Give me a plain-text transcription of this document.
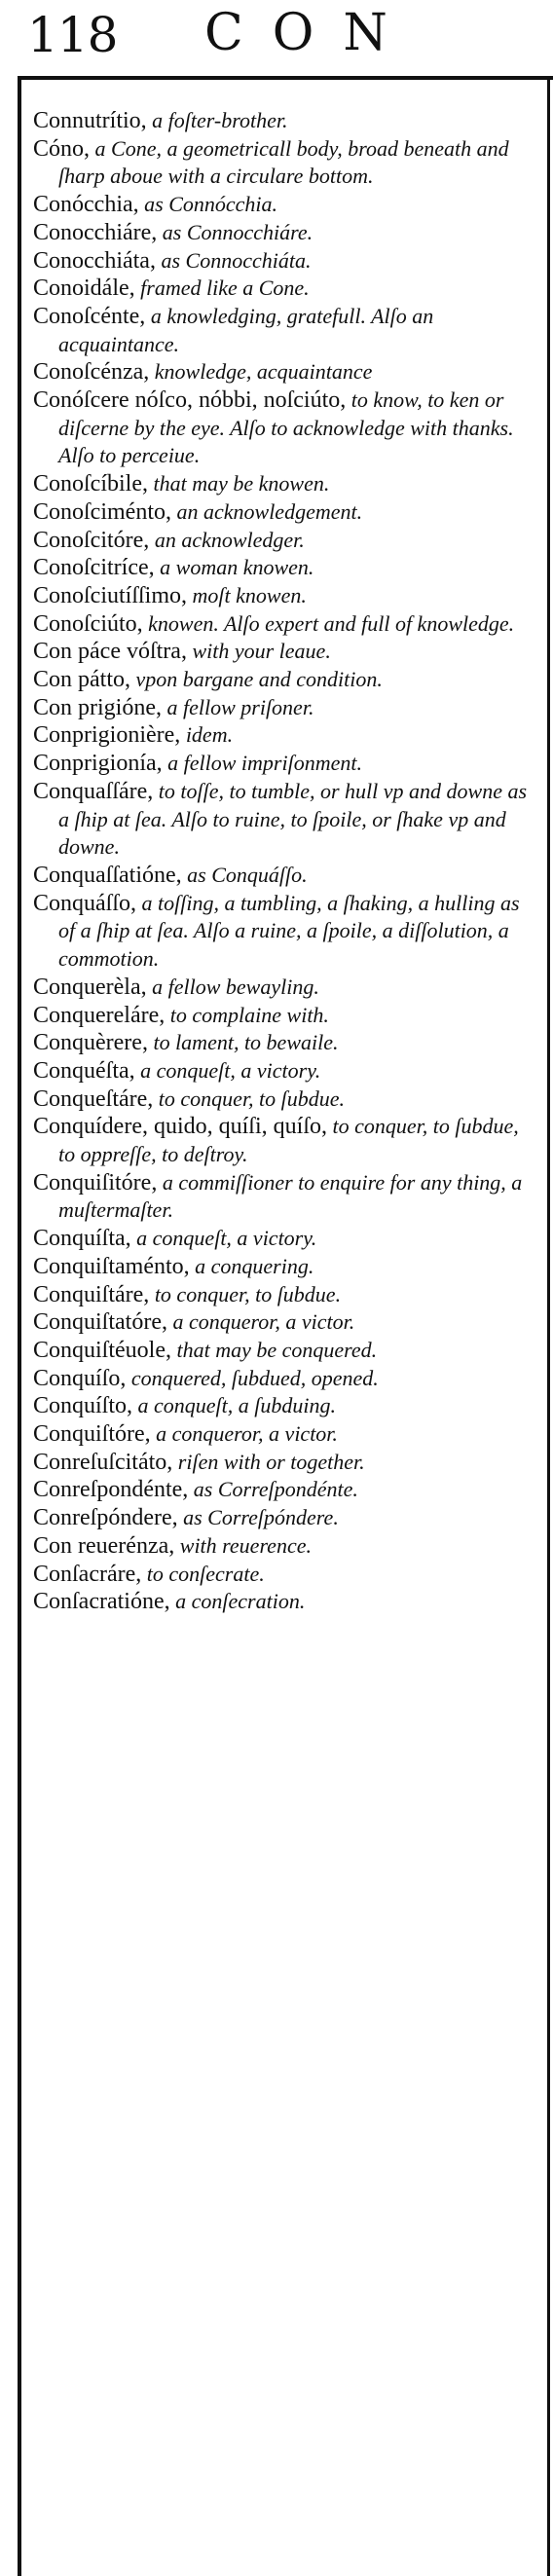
118 CON
Connutrítio, a foſter-brother.
Cóno, a Cone, a geometricall body, broad beneath and ſharp aboue with a circulare bottom.
Conócchia, as Connócchia.
Conocchiáre, as Connocchiáre.
Conocchiáta, as Connocchiáta.
Conoidále, framed like a Cone.
Conoſcénte, a knowledging, gratefull. Alſo an acquaintance.
Conoſcénza, knowledge, acquaintance
Conóſcere nóſco, nóbbi, noſciúto, to know, to ken or diſcerne by the eye. Alſo to acknowledge with thanks. Alſo to perceiue.
Conoſcíbile, that may be knowen.
Conoſciménto, an acknowledgement.
Conoſcitóre, an acknowledger.
Conoſcitríce, a woman knowen.
Conoſciutíſſimo, moſt knowen.
Conoſciúto, knowen. Alſo expert and full of knowledge.
Con páce vóſtra, with your leaue.
Con pátto, vpon bargane and condition.
Con prigióne, a fellow priſoner.
Conprigionière, idem.
Conprigionía, a fellow impriſonment.
Conquaſſáre, to toſſe, to tumble, or hull vp and downe as a ſhip at ſea. Alſo to ruine, to ſpoile, or ſhake vp and downe.
Conquaſſatióne, as Conquáſſo.
Conquáſſo, a toſſing, a tumbling, a ſhaking, a hulling as of a ſhip at ſea. Alſo a ruine, a ſpoile, a diſſolution, a commotion.
Conquerèla, a fellow bewayling.
Conquereláre, to complaine with.
Conquèrere, to lament, to bewaile.
Conquéſta, a conqueſt, a victory.
Conqueſtáre, to conquer, to ſubdue.
Conquídere, quido, quíſi, quíſo, to conquer, to ſubdue, to oppreſſe, to deſtroy.
Conquiſitóre, a commiſſioner to enquire for any thing, a muſtermaſter.
Conquíſta, a conqueſt, a victory.
Conquiſtaménto, a conquering.
Conquiſtáre, to conquer, to ſubdue.
Conquiſtatóre, a conqueror, a victor.
Conquiſtéuole, that may be conquered.
Conquíſo, conquered, ſubdued, opened.
Conquíſto, a conqueſt, a ſubduing.
Conquiſtóre, a conqueror, a victor.
Conreſuſcitáto, riſen with or together.
Conreſpondénte, as Correſpondénte.
Conreſpóndere, as Correſpóndere.
Con reuerénza, with reuerence.
Conſacráre, to conſecrate.
Conſacratióne, a conſecration.
